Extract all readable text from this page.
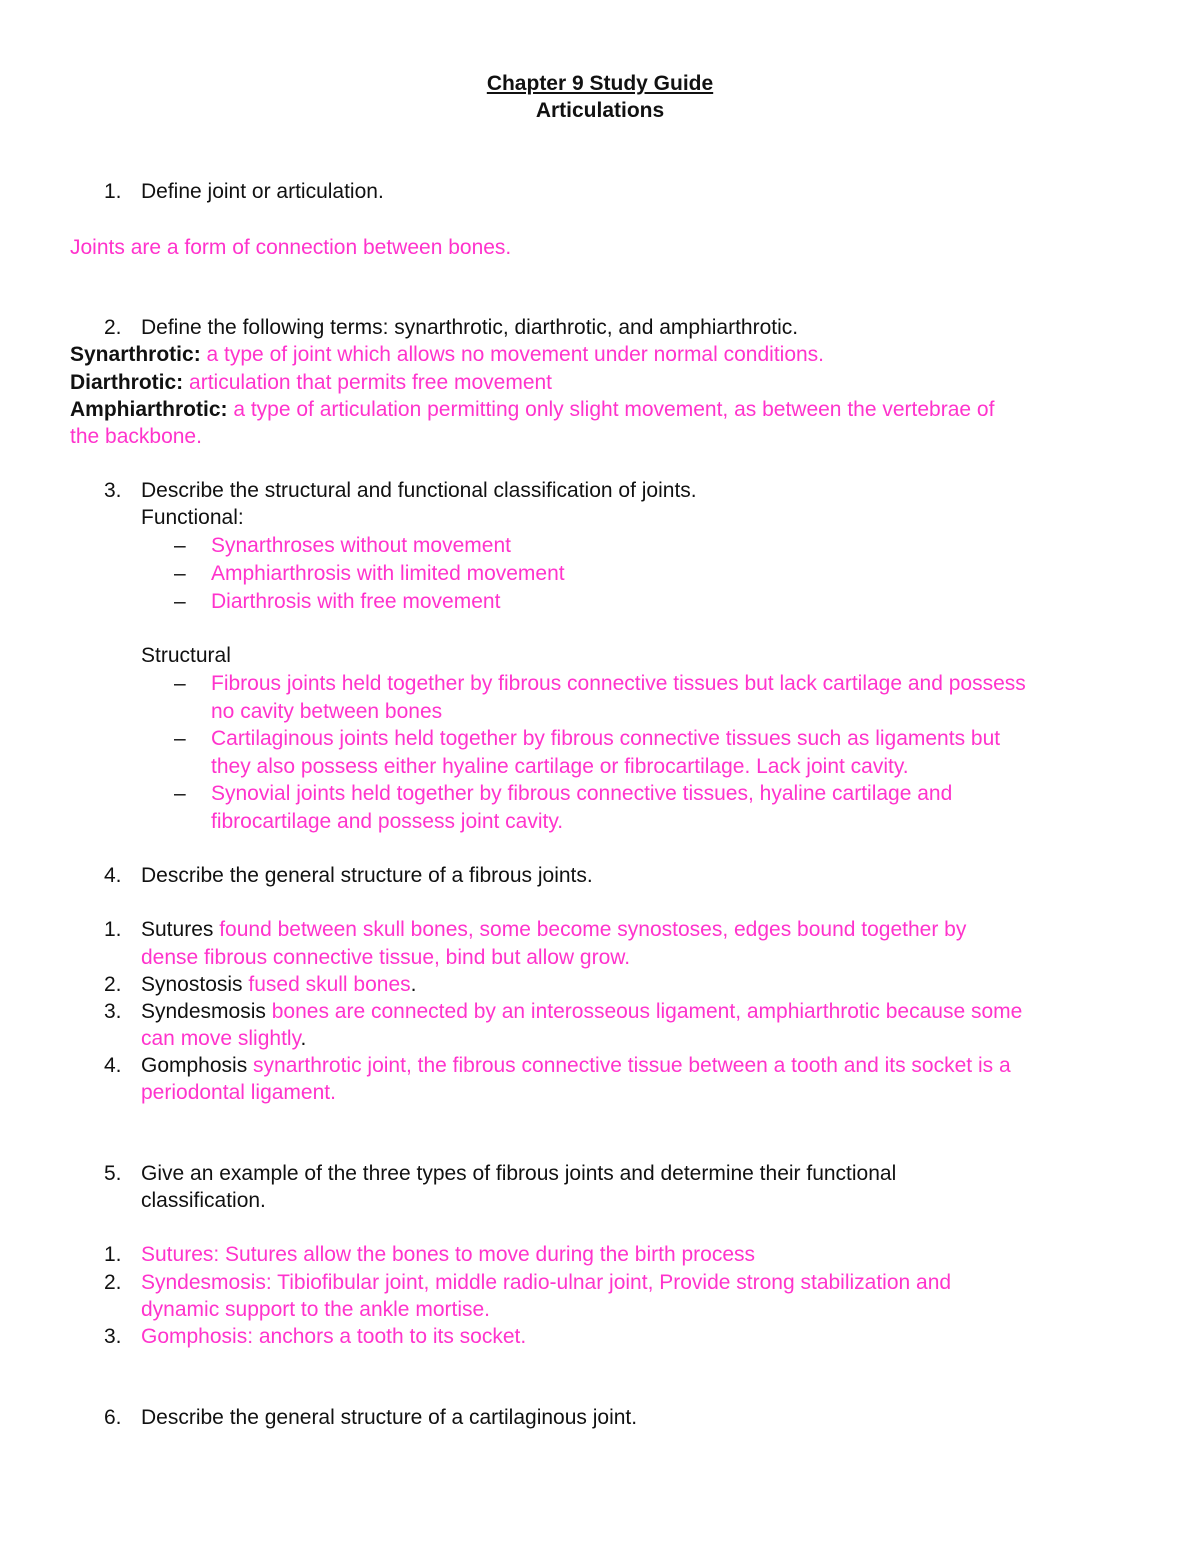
Chapter 9 Study Guide
Articulations
1. Define joint or articulation.
Joints are a form of connection between bones.
2. Define the following terms: synarthrotic, diarthrotic, and amphiarthrotic.
Synarthrotic: a type of joint which allows no movement under normal conditions.
Diarthrotic: articulation that permits free movement
Amphiarthrotic: a type of articulation permitting only slight movement, as between the vertebrae of
the backbone.
3. Describe the structural and functional classification of joints.
Functional:
– Synarthroses without movement
– Amphiarthrosis with limited movement
– Diarthrosis with free movement
Structural
– Fibrous joints held together by fibrous connective tissues but lack cartilage and possess
no cavity between bones
– Cartilaginous joints held together by fibrous connective tissues such as ligaments but
they also possess either hyaline cartilage or fibrocartilage. Lack joint cavity.
– Synovial joints held together by fibrous connective tissues, hyaline cartilage and
fibrocartilage and possess joint cavity.
4. Describe the general structure of a fibrous joints.
1. Sutures found between skull bones, some become synostoses, edges bound together by
dense fibrous connective tissue, bind but allow grow.
2. Synostosis fused skull bones.
3. Syndesmosis bones are connected by an interosseous ligament, amphiarthrotic because some
can move slightly.
4. Gomphosis synarthrotic joint, the fibrous connective tissue between a tooth and its socket is a
periodontal ligament.
5. Give an example of the three types of fibrous joints and determine their functional
classification.
1. Sutures: Sutures allow the bones to move during the birth process
2. Syndesmosis: Tibiofibular joint, middle radio-ulnar joint, Provide strong stabilization and
dynamic support to the ankle mortise.
3. Gomphosis: anchors a tooth to its socket.
6. Describe the general structure of a cartilaginous joint.
